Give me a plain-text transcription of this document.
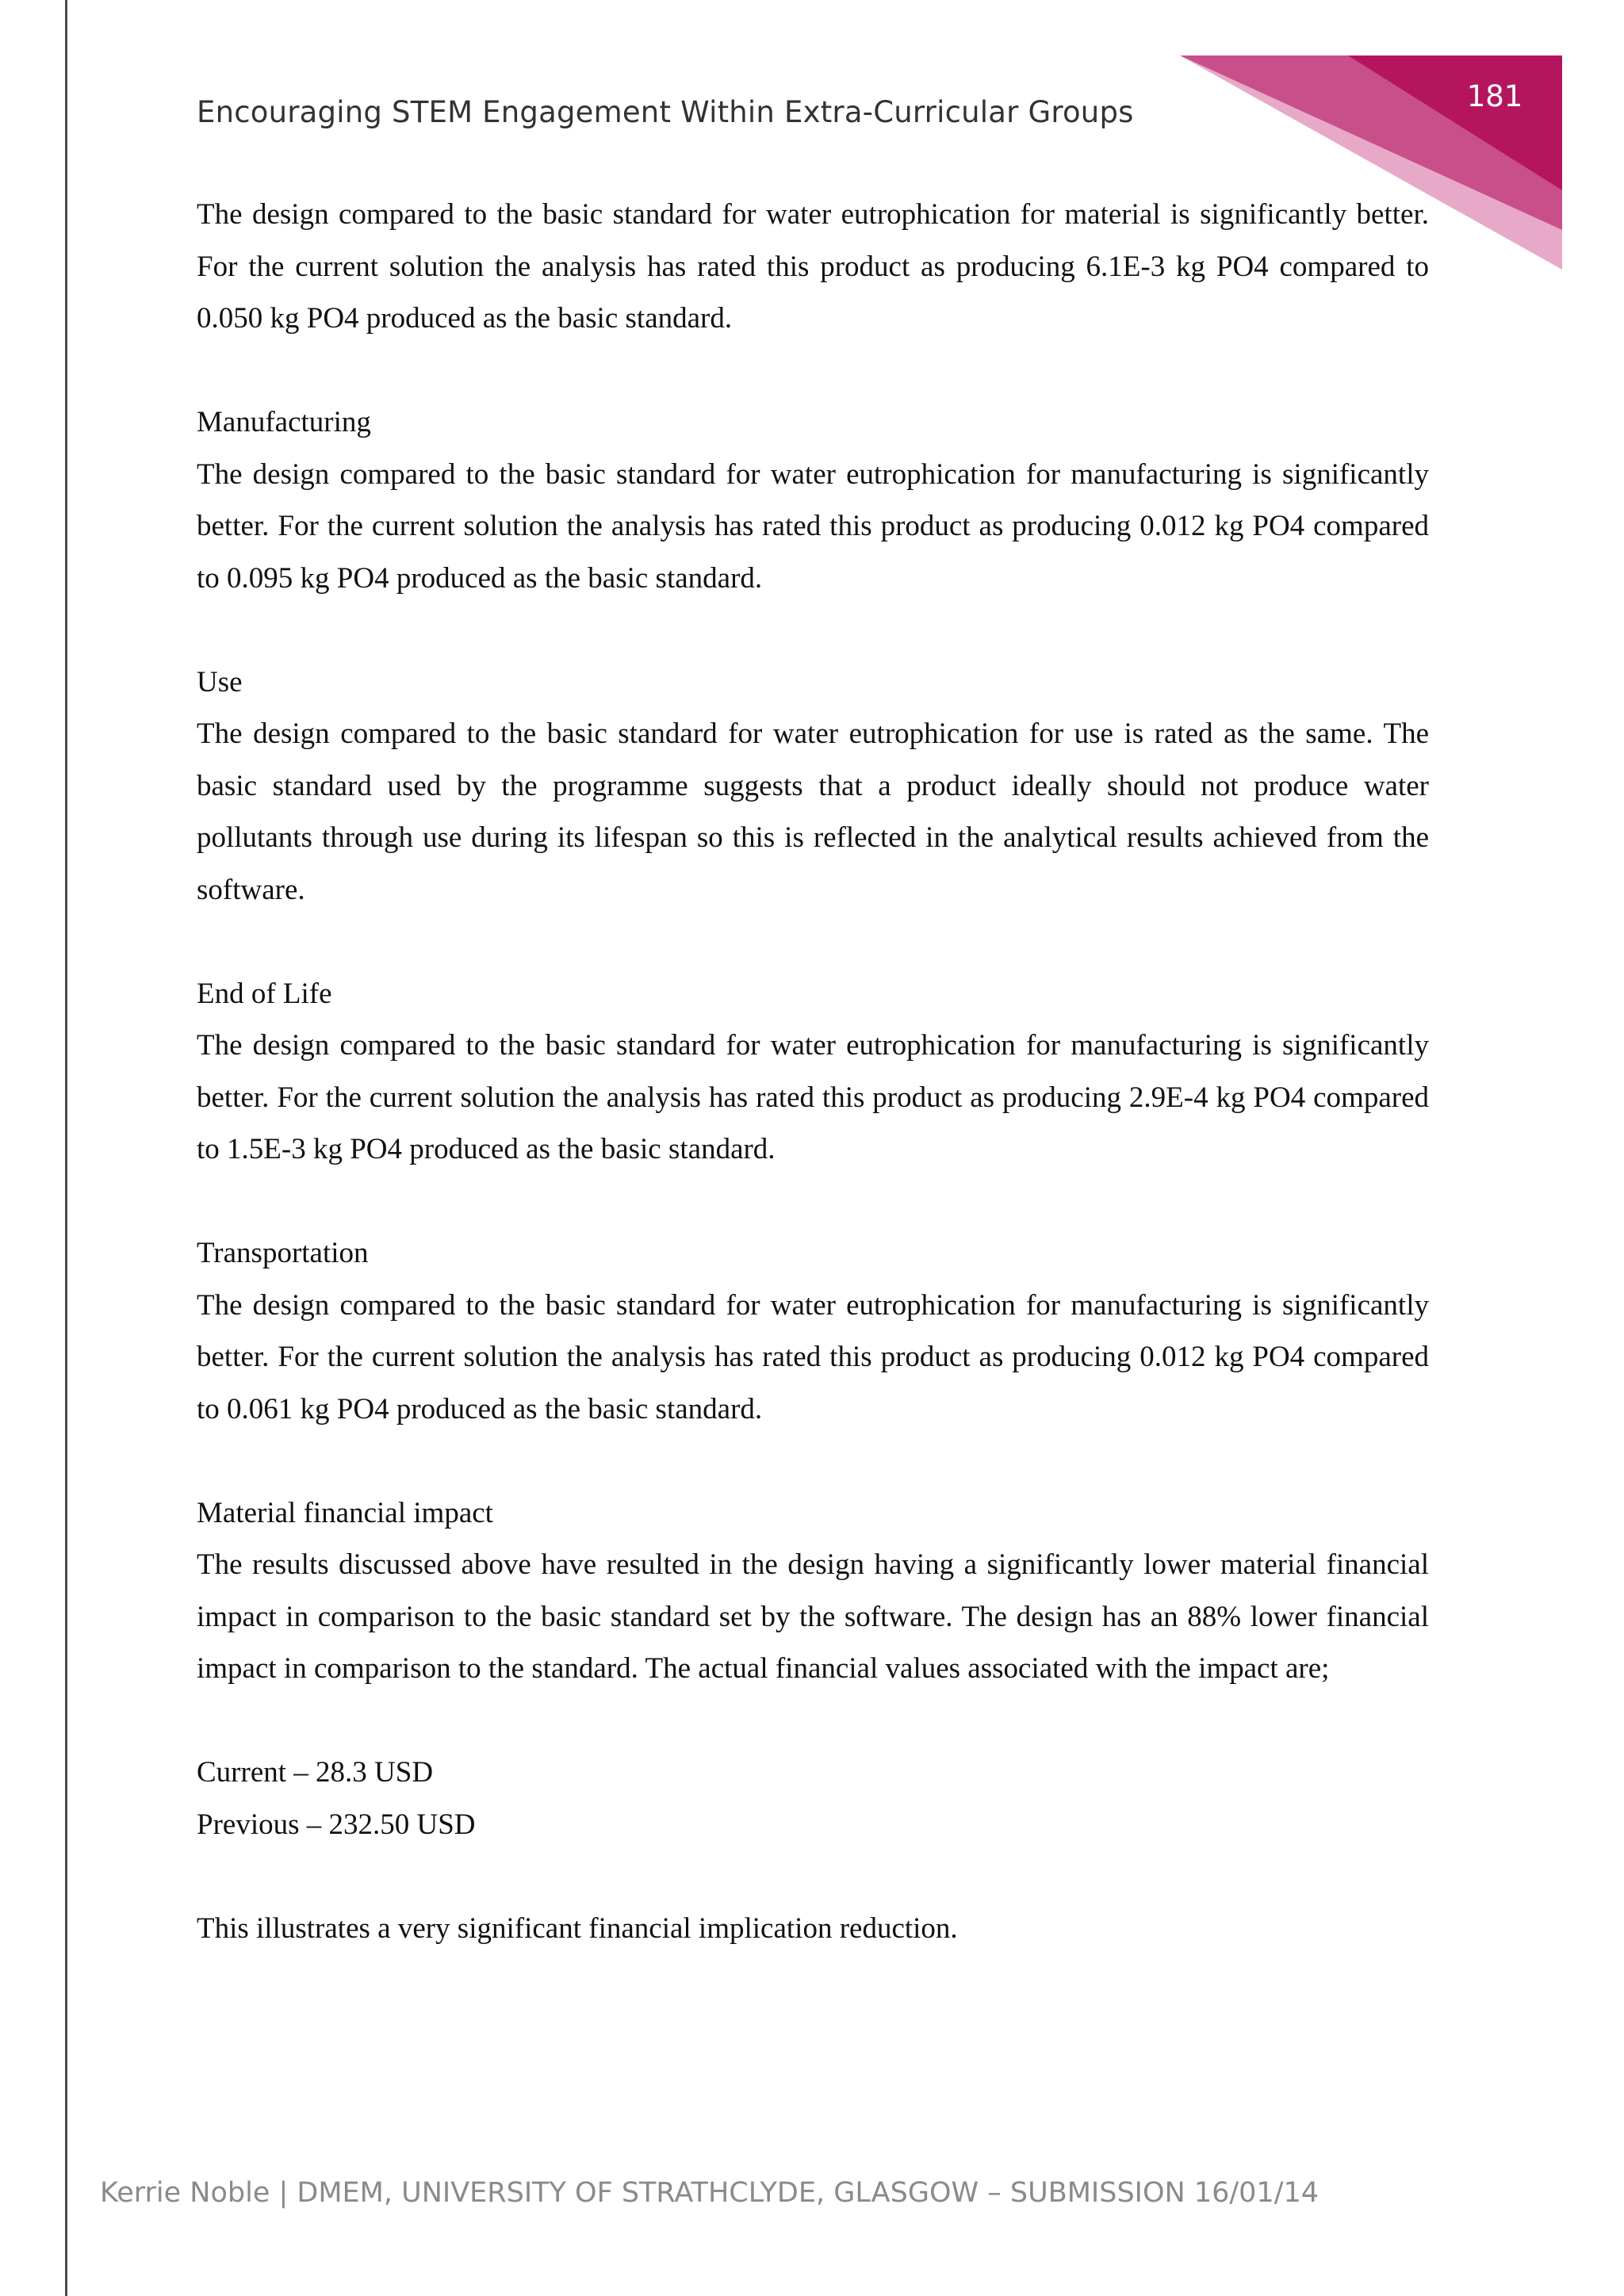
Encouraging STEM Engagement Within Extra-Curricular Groups	181

The design compared to the basic standard for water eutrophication for material is significantly better. For the current solution the analysis has rated this product as producing 6.1E-3 kg PO4 compared to 0.050 kg PO4 produced as the basic standard.

Manufacturing

The design compared to the basic standard for water eutrophication for manufacturing is significantly better. For the current solution the analysis has rated this product as producing 0.012 kg PO4 compared to 0.095 kg PO4 produced as the basic standard.

Use

The design compared to the basic standard for water eutrophication for use is rated as the same. The basic standard used by the programme suggests that a product ideally should not produce water pollutants through use during its lifespan so this is reflected in the analytical results achieved from the software.

End of Life

The design compared to the basic standard for water eutrophication for manufacturing is significantly better. For the current solution the analysis has rated this product as producing 2.9E-4 kg PO4 compared to 1.5E-3 kg PO4 produced as the basic standard.

Transportation

The design compared to the basic standard for water eutrophication for manufacturing is significantly better. For the current solution the analysis has rated this product as producing 0.012 kg PO4 compared to 0.061 kg PO4 produced as the basic standard.

Material financial impact

The results discussed above have resulted in the design having a significantly lower material financial impact in comparison to the basic standard set by the software. The design has an 88% lower financial impact in comparison to the standard. The actual financial values associated with the impact are;

Current – 28.3 USD

Previous – 232.50 USD

This illustrates a very significant financial implication reduction.

Kerrie Noble | DMEM, UNIVERSITY OF STRATHCLYDE, GLASGOW – SUBMISSION 16/01/14
